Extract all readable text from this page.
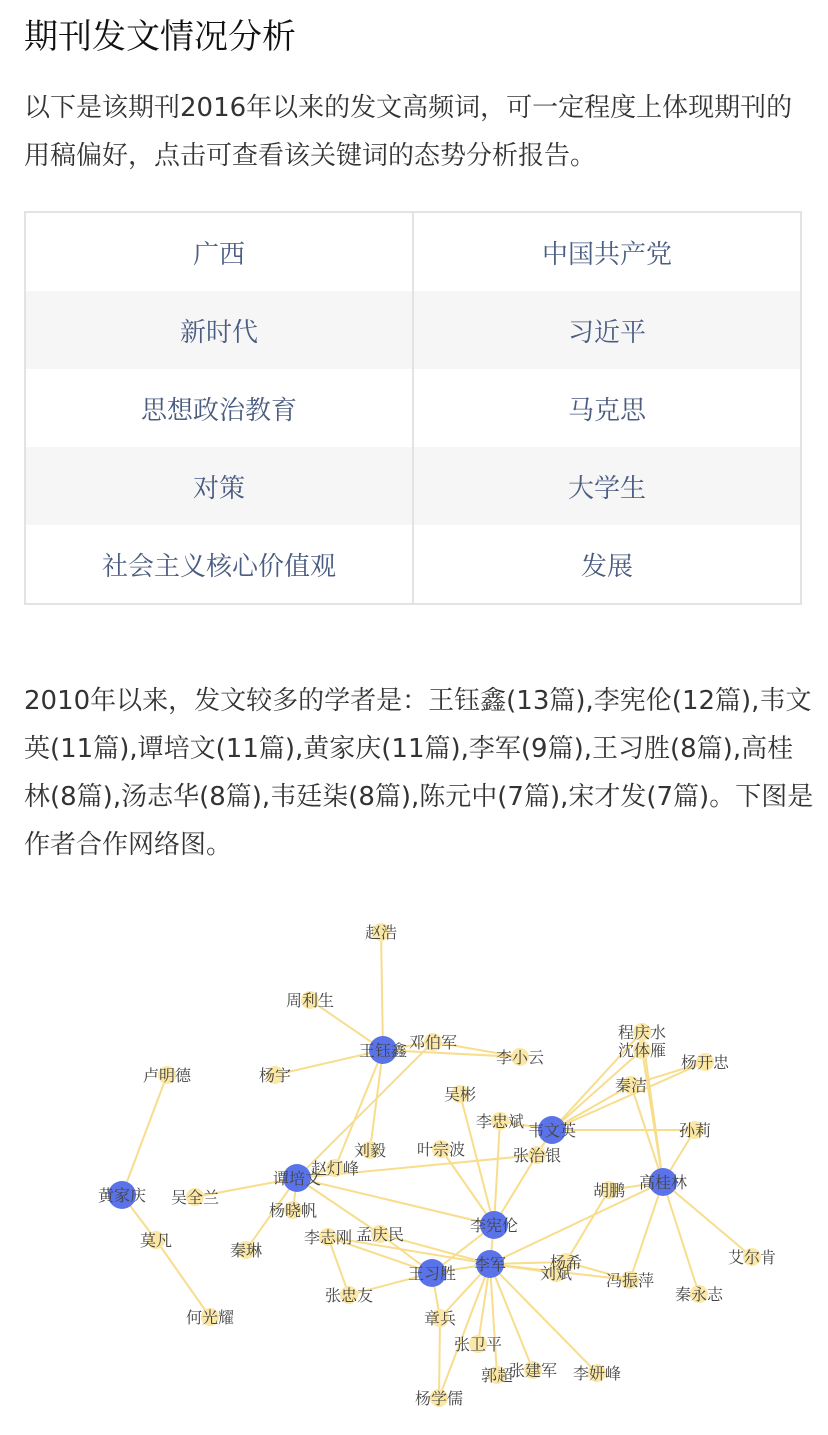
期刊发文情况分析
以下是该期刊2016年以来的发文高频词，可一定程度上体现期刊的用稿偏好，点击可查看该关键词的态势分析报告。
广西	中国共产党
新时代	习近平
思想政治教育	马克思
对策	大学生
社会主义核心价值观	发展
2010年以来，发文较多的学者是：王钰鑫(13篇),李宪伦(12篇),韦文英(11篇),谭培文(11篇),黄家庆(11篇),李军(9篇),王习胜(8篇),高桂林(8篇),汤志华(8篇),韦廷柒(8篇),陈元中(7篇),宋才发(7篇)。下图是作者合作网络图。
王钰鑫
韦文英
谭培文
黄家庆
高桂林
李宪伦
王习胜 李军
赵浩
周利生
邓伯军
李小云
卢明德	杨宇
吴彬
程庆水
沈体雁
杨开忠
秦洁
李忠斌	孙莉
叶宗波
刘毅	张治银
赵灯峰
胡鹏
吴全兰
杨晓帆
莫凡
秦琳
李志刚 孟庆民
杨希
刘斌 冯振萍
艾尔肯
张忠友	秦永志
何光耀	章兵
张卫平
郭超
张建军 李妍峰
杨学儒
